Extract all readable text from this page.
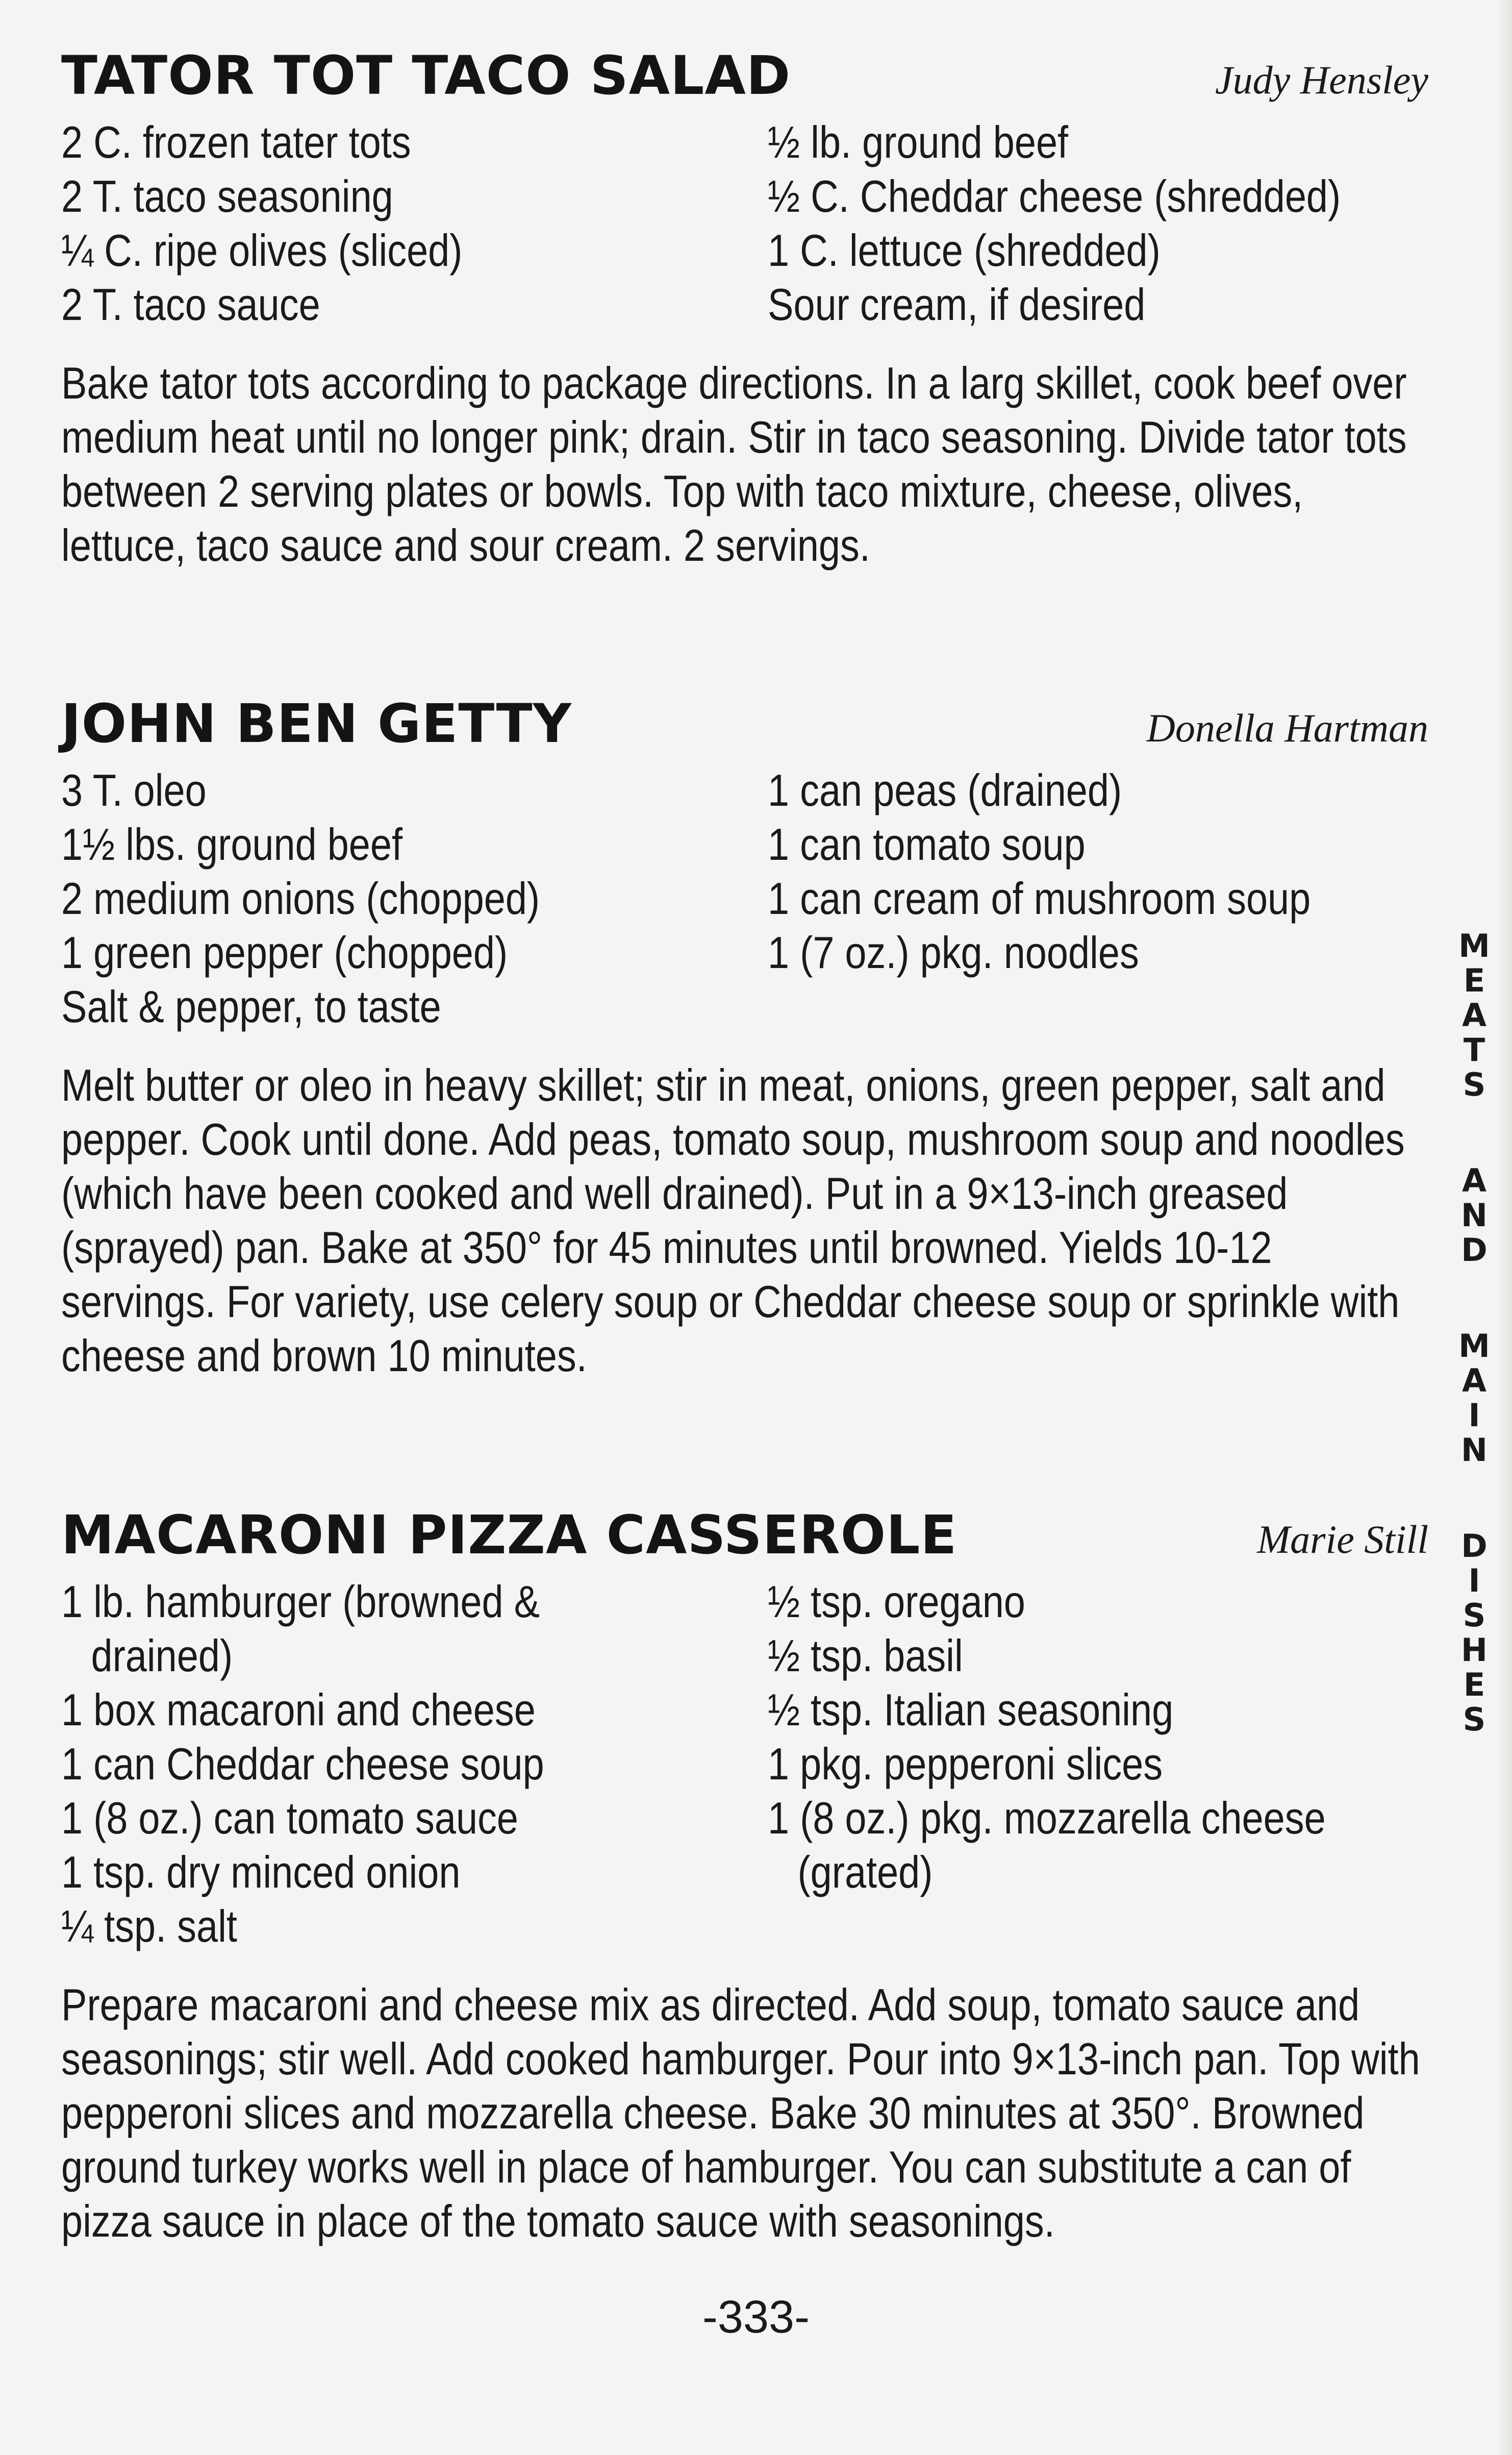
TATOR TOT TACO SALAD	Judy Hensley
2 C. frozen tater tots
2 T. taco seasoning
¼ C. ripe olives (sliced)
2 T. taco sauce
½ lb. ground beef
½ C. Cheddar cheese (shredded)
1 C. lettuce (shredded)
Sour cream, if desired
Bake tator tots according to package directions. In a larg skillet, cook beef over medium heat until no longer pink; drain. Stir in taco seasoning. Divide tator tots between 2 serving plates or bowls. Top with taco mixture, cheese, olives, lettuce, taco sauce and sour cream. 2 servings.
JOHN BEN GETTY	Donella Hartman
3 T. oleo
1½ lbs. ground beef
2 medium onions (chopped)
1 green pepper (chopped)
Salt & pepper, to taste
1 can peas (drained)
1 can tomato soup
1 can cream of mushroom soup
1 (7 oz.) pkg. noodles
Melt butter or oleo in heavy skillet; stir in meat, onions, green pepper, salt and pepper. Cook until done. Add peas, tomato soup, mushroom soup and noodles (which have been cooked and well drained). Put in a 9×13-inch greased (sprayed) pan. Bake at 350° for 45 minutes until browned. Yields 10-12 servings. For variety, use celery soup or Cheddar cheese soup or sprinkle with cheese and brown 10 minutes.
MACARONI PIZZA CASSEROLE	Marie Still
1 lb. hamburger (browned &
drained)
1 box macaroni and cheese
1 can Cheddar cheese soup
1 (8 oz.) can tomato sauce
1 tsp. dry minced onion
¼ tsp. salt
½ tsp. oregano
½ tsp. basil
½ tsp. Italian seasoning
1 pkg. pepperoni slices
1 (8 oz.) pkg. mozzarella cheese
(grated)
Prepare macaroni and cheese mix as directed. Add soup, tomato sauce and seasonings; stir well. Add cooked hamburger. Pour into 9×13-inch pan. Top with pepperoni slices and mozzarella cheese. Bake 30 minutes at 350°. Browned ground turkey works well in place of hamburger. You can substitute a can of pizza sauce in place of the tomato sauce with seasonings.
-333-
M
E
A
T
S
A
N
D
M
A
I
N
D
I
S
H
E
S
